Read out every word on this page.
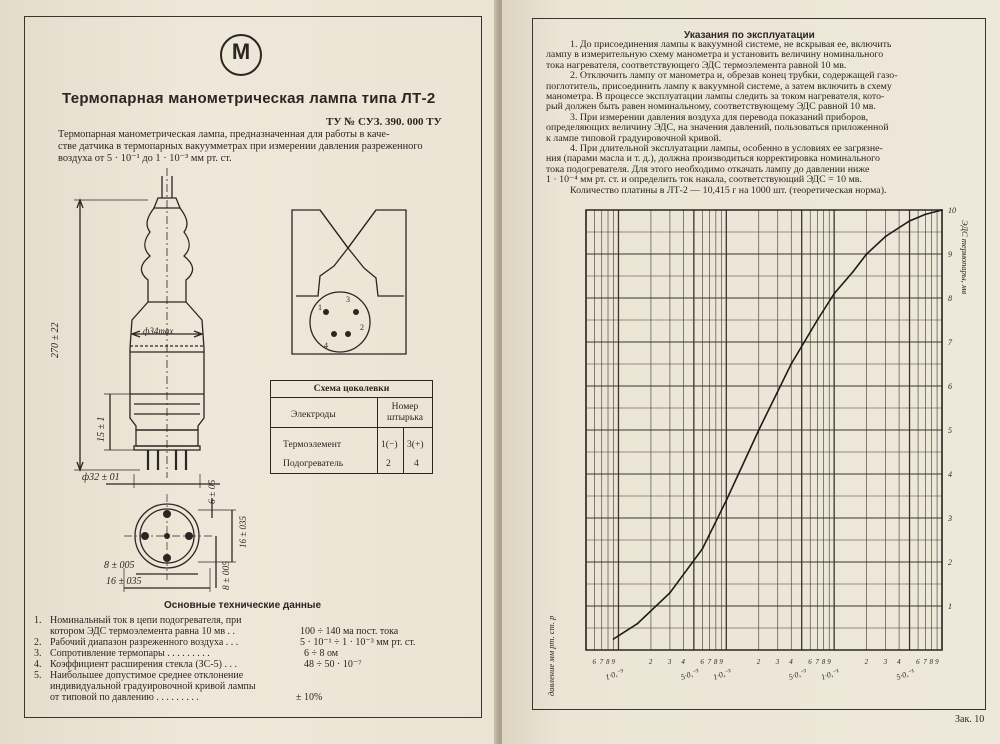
М
Термопарная манометрическая лампа типа ЛТ-2
ТУ № СУЗ. 390. 000 ТУ
Термопарная манометрическая лампа, предназначенная для работы в каче-
стве датчика в термопарных вакуумметрах при измерении давления разреженного
воздуха от 5 · 10⁻¹ до 1 · 10⁻³ мм рт. ст.
270 ± 22	ф34max
15 ± 1
ф32 ± 01
6 ± 05
16 ± 035
8 ± 005
8 ± 005
16 ± 035
1
2
3
4
Схема цоколевки
Электроды
Номер штырька
Термоэлемент	1(−) 3(+)
Подогреватель	2 4
Основные технические данные
1. Номинальный ток в цепи подогревателя, при
котором ЭДС термоэлемента равна 10 мв . .	100 ÷ 140 ма пост. тока
2. Рабочий диапазон разреженного воздуха . . .	5 · 10⁻¹ ÷ 1 · 10⁻³ мм рт. ст.
3. Сопротивление термопары . . . . . . . . .	6 ÷ 8 ом
4. Коэффициент расширения стекла (ЗС-5) . . .	48 ÷ 50 · 10⁻⁷
5. Наибольшее допустимое среднее отклонение
индивидуальной градуировочной кривой лампы
от типовой по давлению . . . . . . . . .	± 10%
Указания по эксплуатации
1. До присоединения лампы к вакуумной системе, не вскрывая ее, включить
лампу в измерительную схему манометра и установить величину номинального
тока нагревателя, соответствующего ЭДС термоэлемента равной 10 мв.
2. Отключить лампу от манометра и, обрезав конец трубки, содержащей газо-
поглотитель, присоединить лампу к вакуумной системе, а затем включить в схему
манометра. В процессе эксплуатации лампы следить за током нагревателя, кото-
рый должен быть равен номинальному, соответствующему ЭДС равной 10 мв.
3. При измерении давления воздуха для перевода показаний приборов,
определяющих величину ЭДС, на значения давлений, пользоваться приложенной
к лампе типовой градуировочной кривой.
4. При длительной эксплуатации лампы, особенно в условиях ее загрязне-
ния (парами масла и т. д.), должна производиться корректировка номинального
тока подогревателя. Для этого необходимо откачать лампу до давлении ниже
1 · 10⁻⁴ мм рт. ст. и определить ток накала, соответствующий ЭДС = 10 мв.
Количество платины в ЛТ-2 — 10,415 г на 1000 шт. (теоретическая норма).
6 7 8 9	2 3 4 6 7 8 9	2 3 4 6 7 8 9	2 3 4 6 7 8 9
1
2
3
4
5
6
7
8
9
10
1·0,⁻³	5·0,⁻³ 1·0,⁻²	5·0,⁻² 1·0,⁻¹	5·0,⁻¹
ЭДС термопары, мв
давление мм рт. ст. p
Зак. 10
